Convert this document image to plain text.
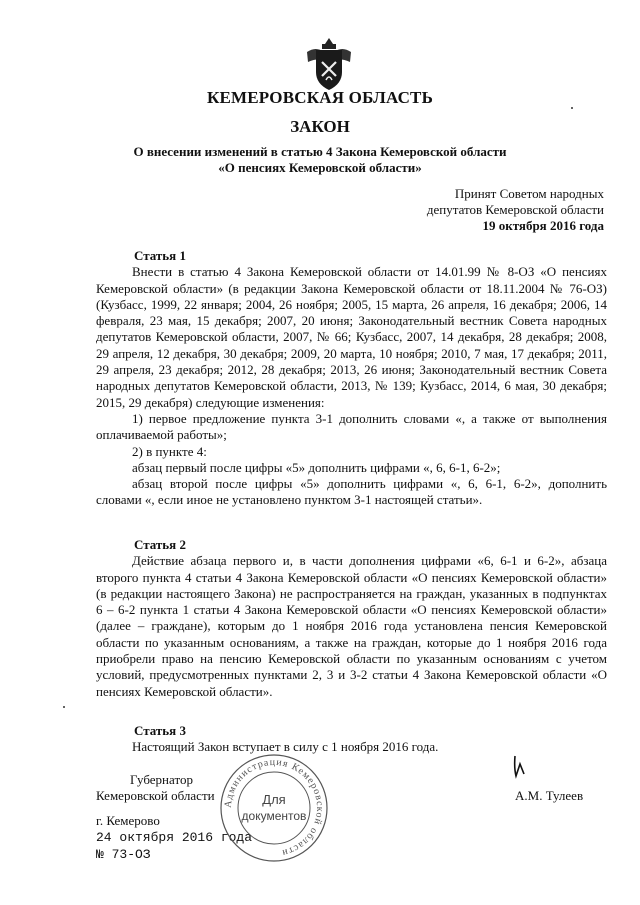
КЕМЕРОВСКАЯ ОБЛАСТЬ
ЗАКОН
О внесении изменений в статью 4 Закона Кемеровской области
«О пенсиях Кемеровской области»
Принят Советом народных
депутатов Кемеровской области
19 октября 2016 года

Статья 1

Внести в статью 4 Закона Кемеровской области от 14.01.99 № 8-ОЗ «О пенсиях Кемеровской области» (в редакции Закона Кемеровской области от 18.11.2004 № 76-ОЗ) (Кузбасс, 1999, 22 января; 2004, 26 ноября; 2005, 15 марта, 26 апреля, 16 декабря; 2006, 14 февраля, 23 мая, 15 декабря; 2007, 20 июня; Законодательный вестник Совета народных депутатов Кемеровской области, 2007, № 66; Кузбасс, 2007, 14 декабря, 28 декабря; 2008, 29 апреля, 12 декабря, 30 декабря; 2009, 20 марта, 10 ноября; 2010, 7 мая, 17 декабря; 2011, 29 апреля, 23 декабря; 2012, 28 декабря; 2013, 26 июня; Законодательный вестник Совета народных депутатов Кемеровской области, 2013, № 139; Кузбасс, 2014, 6 мая, 30 декабря; 2015, 29 декабря) следующие изменения:

1) первое предложение пункта 3-1 дополнить словами «, а также от выполнения оплачиваемой работы»;

2) в пункте 4:

абзац первый после цифры «5» дополнить цифрами «, 6, 6-1, 6-2»;

абзац второй после цифры «5» дополнить цифрами «, 6, 6-1, 6-2», дополнить словами «, если иное не установлено пунктом 3-1 настоящей статьи».

Статья 2

Действие абзаца первого и, в части дополнения цифрами «6, 6-1 и 6-2», абзаца второго пункта 4 статьи 4 Закона Кемеровской области «О пенсиях Кемеровской области» (в редакции настоящего Закона) не распространяется на граждан, указанных в подпунктах 6 – 6-2 пункта 1 статьи 4 Закона Кемеровской области «О пенсиях Кемеровской области» (далее – граждане), которым до 1 ноября 2016 года установлена пенсия Кемеровской области по указанным основаниям, а также на граждан, которые до 1 ноября 2016 года приобрели право на пенсию Кемеровской области по указанным основаниям с учетом условий, предусмотренных пунктами 2, 3 и 3-2 статьи 4 Закона Кемеровской области «О пенсиях Кемеровской области».

Статья 3

Настоящий Закон вступает в силу с 1 ноября 2016 года.

Губернатор
Кемеровской области	А.М. Тулеев
г. Кемерово
24 октября 2016 года
№ 73-ОЗ
Администрация Кемеровской области
Для
документов
